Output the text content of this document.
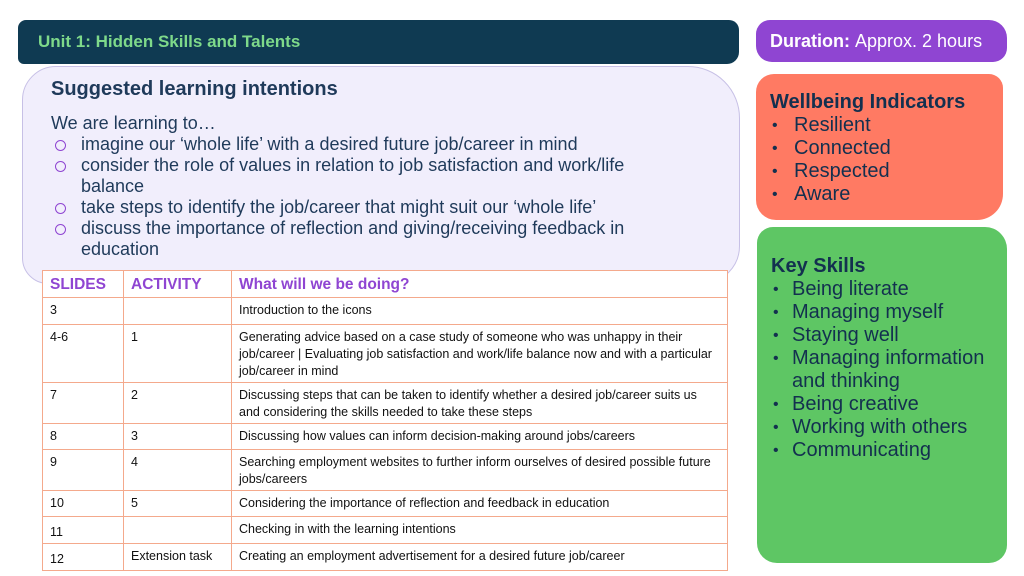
Unit 1: Hidden Skills and Talents	Duration: Approx. 2 hours
Suggested learning intentions
We are learning to…
imagine our ‘whole life’ with a desired future job/career in mind
consider the role of values in relation to job satisfaction and work/life balance
take steps to identify the job/career that might suit our ‘whole life’
discuss the importance of reflection and giving/receiving feedback in education
Wellbeing Indicators
• Resilient
• Connected
• Respected
• Aware
Key Skills
• Being literate
• Managing myself
• Staying well
• Managing information and thinking
• Being creative
• Working with others
• Communicating
SLIDES	ACTIVITY	What will we be doing?
3		Introduction to the icons
4-6	1	Generating advice based on a case study of someone who was unhappy in their job/career | Evaluating job satisfaction and work/life balance now and with a particular job/career in mind
7	2	Discussing steps that can be taken to identify whether a desired job/career suits us and considering the skills needed to take these steps
8	3	Discussing how values can inform decision-making around jobs/careers
9	4	Searching employment websites to further inform ourselves of desired possible future jobs/careers
10	5	Considering the importance of reflection and feedback in education
11		Checking in with the learning intentions
12	Extension task	Creating an employment advertisement for a desired future job/career
